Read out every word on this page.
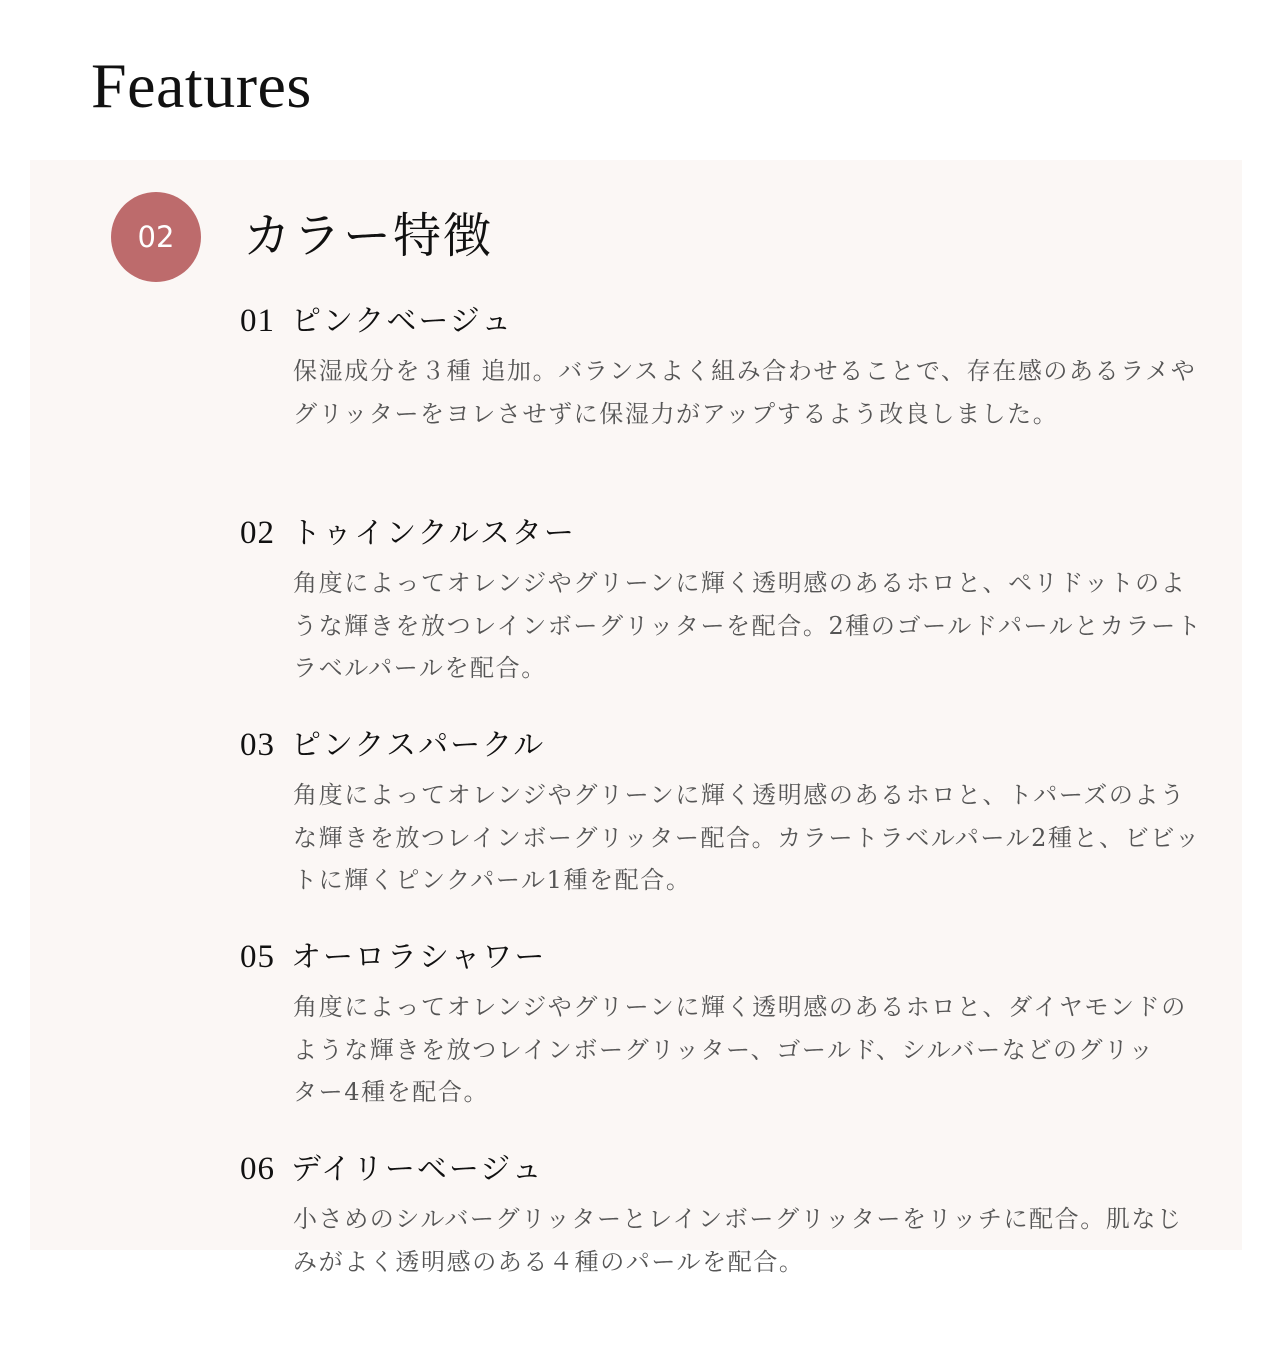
Features
02	カラー特徴
01 ピンクベージュ

保湿成分を３種 追加。バランスよく組み合わせることで、存在感のあるラメや
グリッターをヨレさせずに保湿力がアップするよう改良しました。

02 トゥインクルスター

角度によってオレンジやグリーンに輝く透明感のあるホロと、ペリドットのよ
うな輝きを放つレインボーグリッターを配合。2種のゴールドパールとカラート
ラベルパールを配合。

03 ピンクスパークル

角度によってオレンジやグリーンに輝く透明感のあるホロと、トパーズのよう
な輝きを放つレインボーグリッター配合。カラートラベルパール2種と、ビビッ
トに輝くピンクパール1種を配合。

05 オーロラシャワー

角度によってオレンジやグリーンに輝く透明感のあるホロと、ダイヤモンドの
ような輝きを放つレインボーグリッター、ゴールド、シルバーなどのグリッ
ター4種を配合。

06 デイリーベージュ

小さめのシルバーグリッターとレインボーグリッターをリッチに配合。肌なじ
みがよく透明感のある４種のパールを配合。
